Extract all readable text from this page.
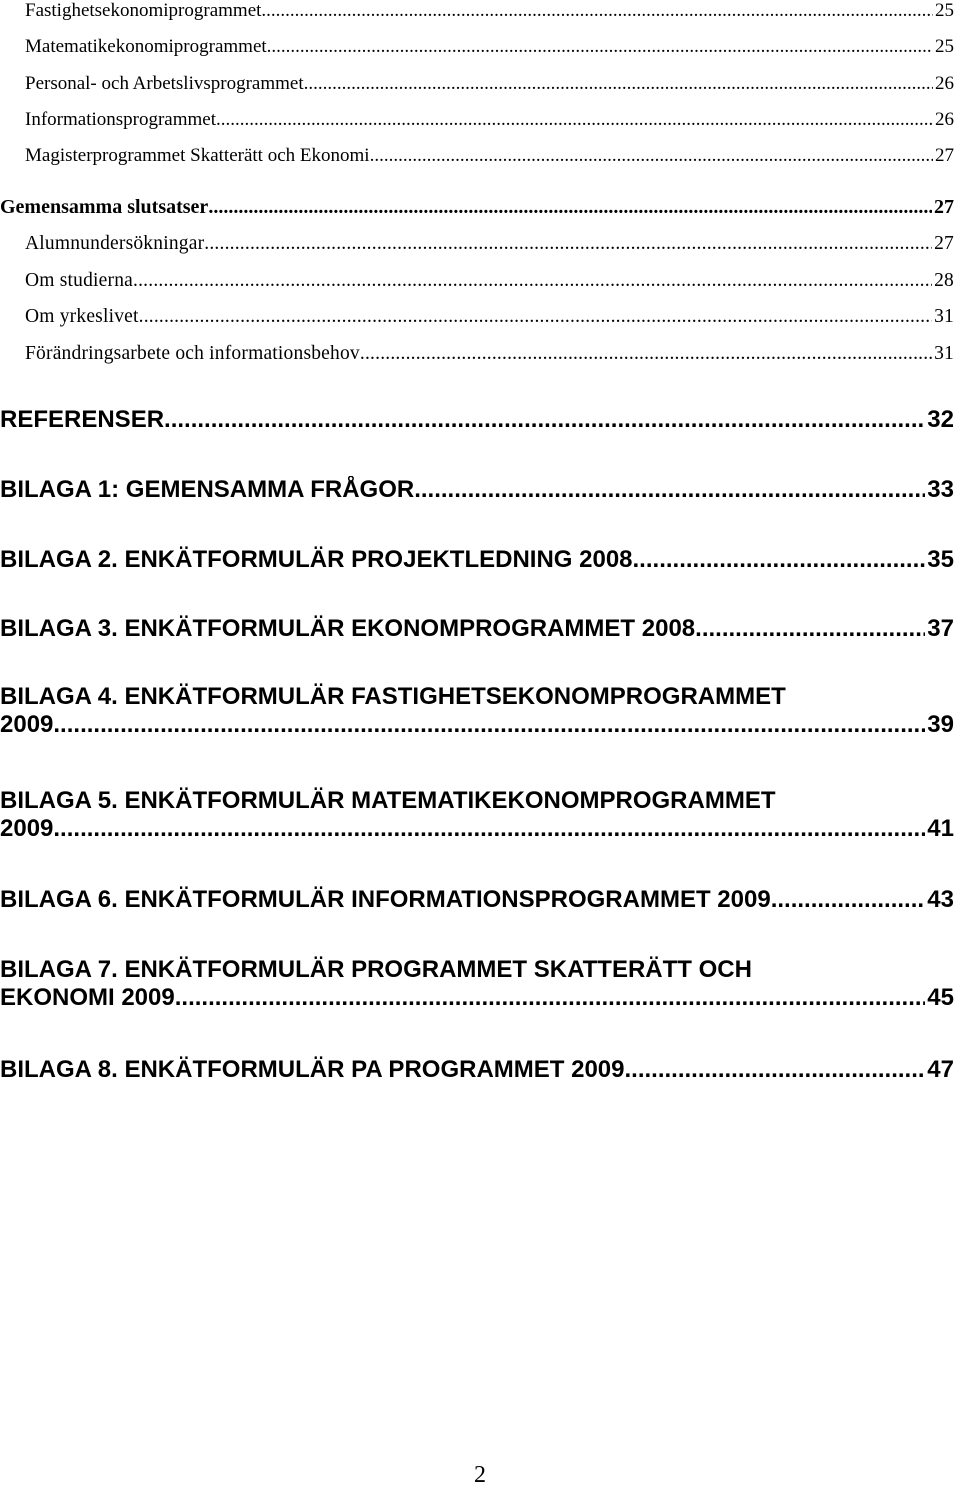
Fastighetsekonomiprogrammet .....	25
Matematikekonomiprogrammet .....	25
Personal- och Arbetslivsprogrammet .....	26
Informationsprogrammet .....	26
Magisterprogrammet Skatterätt och Ekonomi .....	27
Gemensamma slutsatser .....	27
Alumnundersökningar .....	27
Om studierna .....	28
Om yrkeslivet .....	31
Förändringsarbete och informationsbehov .....	31
REFERENSER .....	32
BILAGA 1: GEMENSAMMA FRÅGOR .....	33
BILAGA 2. ENKÄTFORMULÄR PROJEKTLEDNING 2008 .....	35
BILAGA 3. ENKÄTFORMULÄR EKONOMPROGRAMMET 2008 .....	37
BILAGA 4. ENKÄTFORMULÄR FASTIGHETSEKONOMPROGRAMMET
2009 .....	39
BILAGA 5. ENKÄTFORMULÄR MATEMATIKEKONOMPROGRAMMET
2009 .....	41
BILAGA 6. ENKÄTFORMULÄR INFORMATIONSPROGRAMMET 2009 .....	43
BILAGA 7. ENKÄTFORMULÄR PROGRAMMET SKATTERÄTT OCH
EKONOMI 2009 .....	45
BILAGA 8. ENKÄTFORMULÄR PA PROGRAMMET 2009 .....	47
2
